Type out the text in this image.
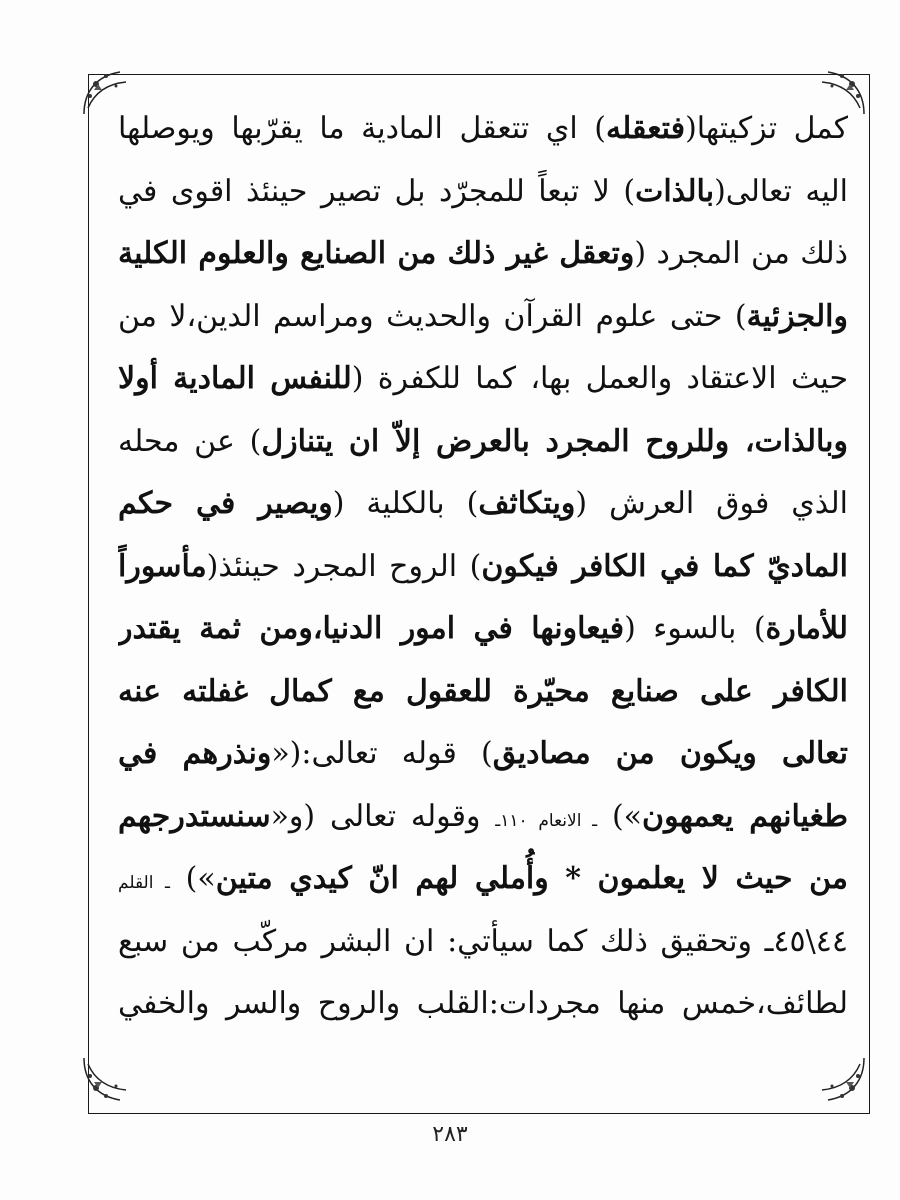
كمل تزكيتها(فتعقله) اي تتعقل المادية ما يقرّبها ويوصلها
اليه تعالى(بالذات) لا تبعاً للمجرّد بل تصير حينئذ اقوى في
ذلك من المجرد (وتعقل غير ذلك من الصنايع والعلوم الكلية
والجزئية) حتى علوم القرآن والحديث ومراسم الدين،لا من
حيث الاعتقاد والعمل بها، كما للكفرة (للنفس المادية أولا
وبالذات، وللروح المجرد بالعرض إلاّ ان يتنازل) عن محله
الذي فوق العرش (ويتكاثف) بالكلية (ويصير في حكم
الماديّ كما في الكافر فيكون) الروح المجرد حينئذ(مأسوراً
للأمارة) بالسوء (فيعاونها في امور الدنيا،ومن ثمة يقتدر
الكافر على صنايع محيّرة للعقول مع كمال غفلته عنه
تعالى ويكون من مصاديق) قوله تعالى:(«ونذرهم في
طغيانهم يعمهون») ـ الانعام ١١٠ـ وقوله تعالى (و«سنستدرجهم
من حيث لا يعلمون * وأُملي لهم انّ كيدي متين») ـ القلم
٤٤\٤٥ـ وتحقيق ذلك كما سيأتي: ان البشر مركّب من سبع
لطائف،خمس منها مجردات:القلب والروح والسر والخفي
٢٨٣
